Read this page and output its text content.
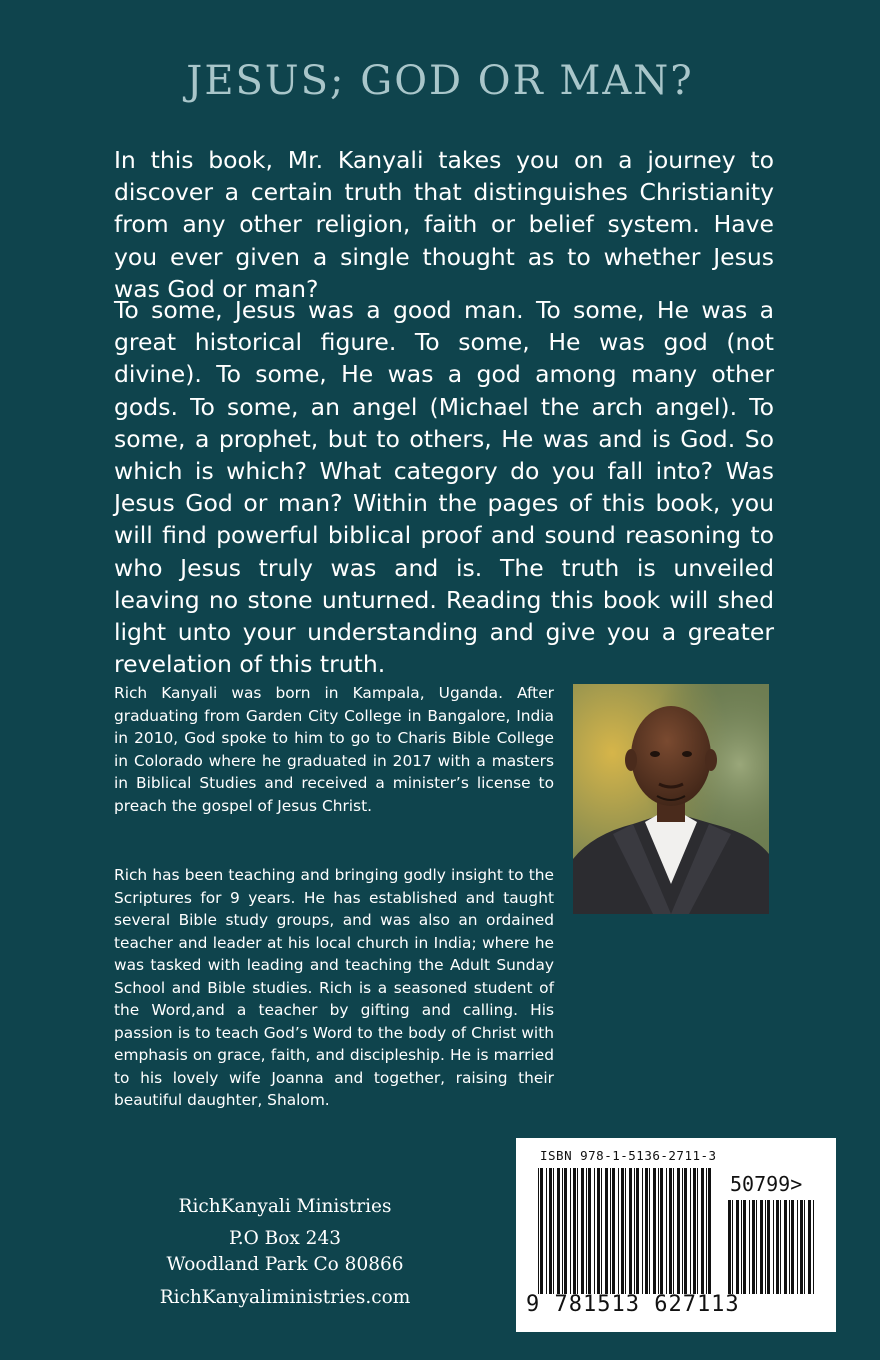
JESUS; GOD OR MAN?

In this book, Mr. Kanyali takes you on a journey to discover a certain truth that distinguishes Christianity from any other religion, faith or belief system. Have you ever given a single thought as to whether Jesus was God or man?

To some, Jesus was a good man. To some, He was a great historical figure. To some, He was god (not divine). To some, He was a god among many other gods. To some, an angel (Michael the arch angel). To some, a prophet, but to others, He was and is God. So which is which? What category do you fall into? Was Jesus God or man? Within the pages of this book, you will find powerful biblical proof and sound reasoning to who Jesus truly was and is. The truth is unveiled leaving no stone unturned. Reading this book will shed light unto your understanding and give you a greater revelation of this truth.

Rich Kanyali was born in Kampala, Uganda. After graduating from Garden City College in Bangalore, India in 2010, God spoke to him to go to Charis Bible College in Colorado where he graduated in 2017 with a masters in Biblical Studies and received a minister’s license to preach the gospel of Jesus Christ.

Rich has been teaching and bringing godly insight to the Scriptures for 9 years. He has established and taught several Bible study groups, and was also an ordained teacher and leader at his local church in India; where he was tasked with leading and teaching the Adult Sunday School and Bible studies. Rich is a seasoned student of the Word,and a teacher by gifting and calling. His passion is to teach God’s Word to the body of Christ with emphasis on grace, faith, and discipleship. He is married to his lovely wife Joanna and together, raising their beautiful daughter, Shalom.

RichKanyali Ministries

P.O Box 243

Woodland Park Co 80866

RichKanyaliministries.com

ISBN 978-1-5136-2711-3
50799>
9 781513 627113
